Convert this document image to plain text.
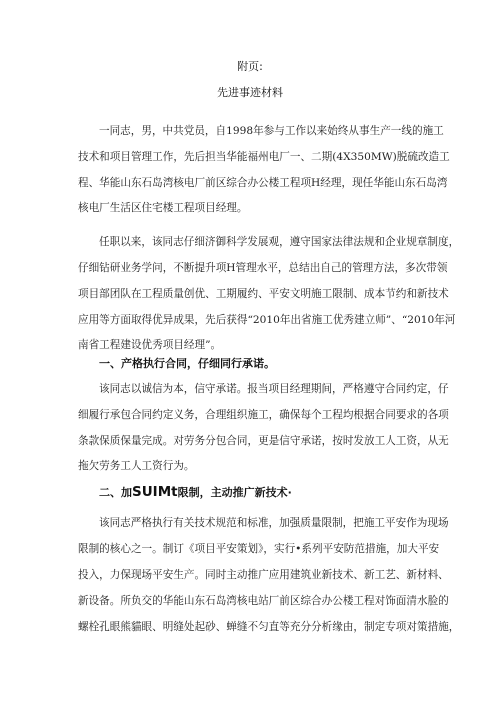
附页:
先进事迹材料
一同志，男，中共党员，自1998年参与工作以来始终从事生产一线的施工
技术和项目管理工作，先后担当华能福州电厂一、二期(4X350MW)脱硫改造工
程、华能山东石岛湾核电厂前区综合办公楼工程项H经理，现任华能山东石岛湾
核电厂生活区住宅楼工程项目经理。
任职以来，该同志仔细济御科学发展观，遵守国家法律法规和企业规章制度，
仔细钻研业务学问，不断提升项H管理水平，总结出自己的管理方法，多次带领
项目部团队在工程质量创优、工期履约、平安文明施工限制、成本节约和新技术
应用等方面取得优异成果，先后获得“2010年出省施工优秀建立师”、“2010年河
南省工程建设优秀项目经理”。
一、产格执行合同，仔细同行承诺。
该同志以诚信为本，信守承诺。报当项目经理期间，严格遵守合同约定，仔
细履行承包合同约定义务，合理组织施工，确保每个工程均根据合同要求的各项
条款保质保量完成。对劳务分包合同，更是信守承诺，按时发放工人工资，从无
拖欠劳务工人工资行为。
二、加SUIMt限制，主动推广新技术·
该同志严格执行有关技术规范和标准，加强质量限制，把施工平安作为现场
限制的核心之一。制订《项目平安策划》，实行•系列平安防范措施，加大平安
投入，力保现场平安生产。同时主动推广应用建筑业新技术、新工艺、新材料、
新设备。所负交的华能山东石岛湾核电站厂前区综合办公楼工程对饰面清水脸的
螺栓孔眼熊貓眼、明缝处起砂、蝉缝不匀直等充分分析缘由，制定专项对策措施，
